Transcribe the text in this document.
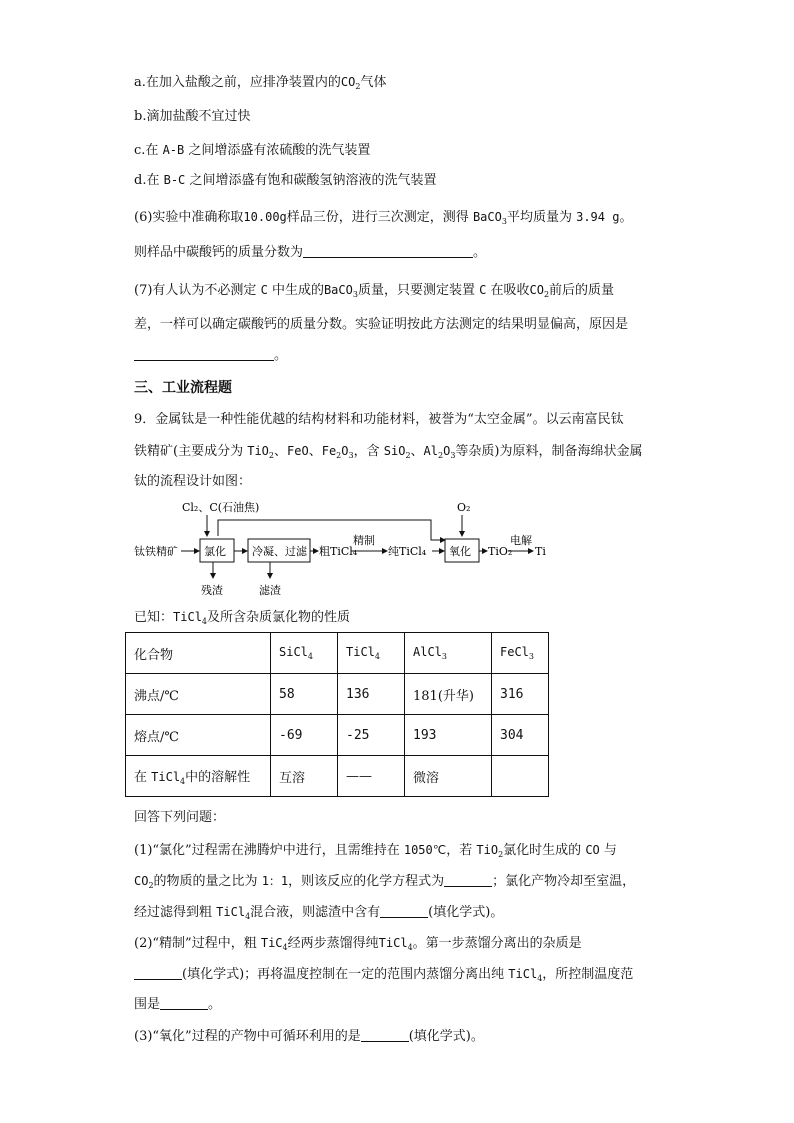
a.在加入盐酸之前，应排净装置内的$CO_2$气体
b.滴加盐酸不宜过快
c.在 A-B 之间增添盛有浓硫酸的洗气装置
d.在 B-C 之间增添盛有饱和碳酸氢钠溶液的洗气装置
(6)实验中准确称取10.00g样品三份，进行三次测定，测得 BaCO$_3$平均质量为 3.94 g。
则样品中碳酸钙的质量分数为	。
(7)有人认为不必测定 C 中生成的BaCO$_3$质量，只要测定装置 C 在吸收$CO_2$前后的质量
差，一样可以确定碳酸钙的质量分数。实验证明按此方法测定的结果明显偏高，原因是
。
三、工业流程题
9．金属钛是一种性能优越的结构材料和功能材料，被誉为“太空金属”。以云南富民钛
铁精矿(主要成分为 TiO$_2$、FeO、$Fe_2O_3$，含 SiO$_2$、$Al_2O_3$等杂质)为原料，制备海绵状金属
钛的流程设计如图：
Cl₂、C(石油焦)	O₂
钛铁精矿 氯化 冷凝、过滤 粗TiCl₄
精制
纯TiCl₄ 氧化 TiO₂
电解
Ti
残渣	滤渣
已知：TiCl$_4$及所含杂质氯化物的性质
化合物	SiCl$_4$	TiCl$_4$	AlCl$_3$	FeCl$_3$
沸点/℃	58	136	181(升华)	316
熔点/℃	-69	-25	193	304
在 TiCl$_4$中的溶解性	互溶	——	微溶	
回答下列问题：
(1)“氯化”过程需在沸腾炉中进行，且需维持在 1050℃，若 TiO$_2$氯化时生成的 CO 与
$CO_2$的物质的量之比为 1：1，则该反应的化学方程式为	；氯化产物冷却至室温，
经过滤得到粗 TiCl$_4$混合液，则滤渣中含有	(填化学式)。
(2)“精制”过程中，粗 TiC$_4$经两步蒸馏得纯TiCl$_4$。第一步蒸馏分离出的杂质是
(填化学式)；再将温度控制在一定的范围内蒸馏分离出纯 TiCl$_4$，所控制温度范
围是	。
(3)“氧化”过程的产物中可循环利用的是	(填化学式)。
